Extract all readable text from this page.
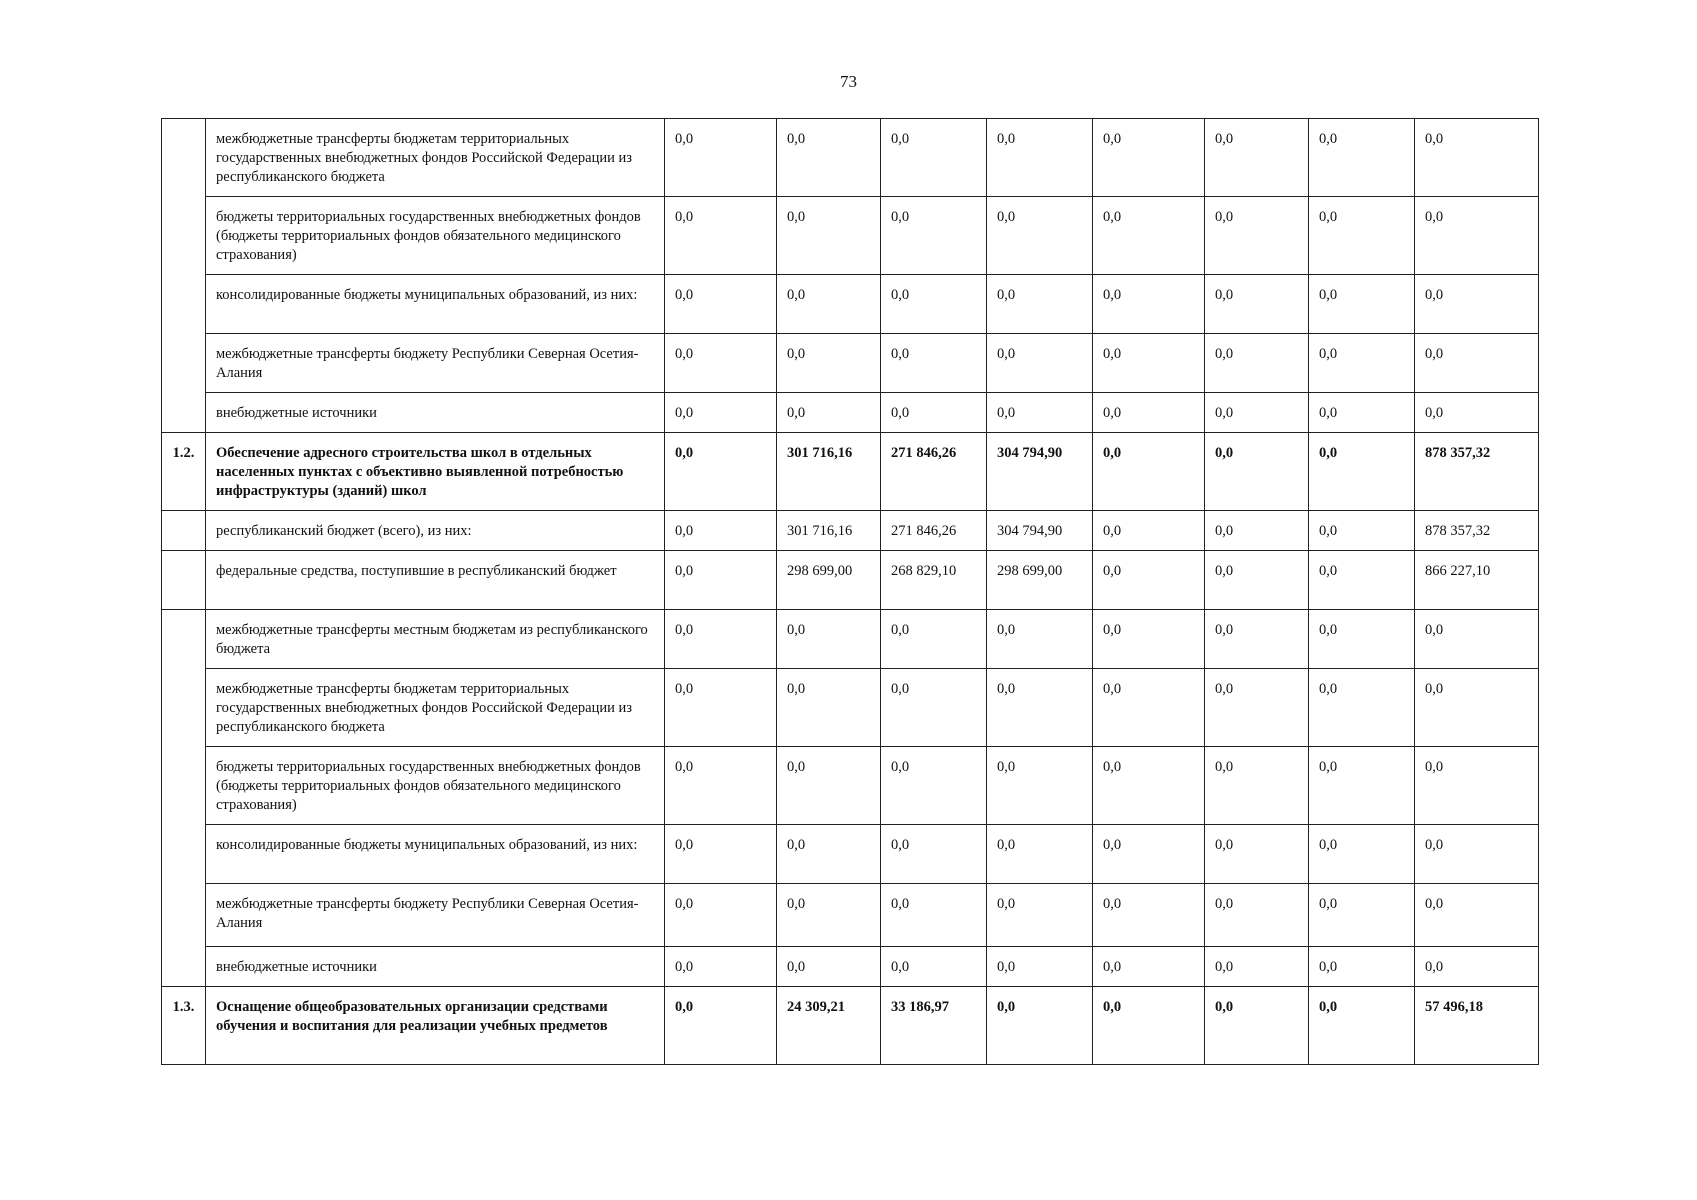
73
	межбюджетные трансферты бюджетам территориальных государственных внебюджетных фондов Российской Федерации из республиканского бюджета	0,0	0,0	0,0	0,0	0,0	0,0	0,0	0,0
	бюджеты территориальных государственных внебюджетных фондов (бюджеты территориальных фондов обязательного медицинского страхования)	0,0	0,0	0,0	0,0	0,0	0,0	0,0	0,0
	консолидированные бюджеты муниципальных образований, из них:	0,0	0,0	0,0	0,0	0,0	0,0	0,0	0,0
	межбюджетные трансферты бюджету Республики Северная Осетия-Алания	0,0	0,0	0,0	0,0	0,0	0,0	0,0	0,0
	внебюджетные источники	0,0	0,0	0,0	0,0	0,0	0,0	0,0	0,0
1.2.	Обеспечение адресного строительства школ в отдельных населенных пунктах с объективно выявленной потребностью инфраструктуры (зданий) школ	0,0	301 716,16	271 846,26	304 794,90	0,0	0,0	0,0	878 357,32
	республиканский бюджет (всего), из них:	0,0	301 716,16	271 846,26	304 794,90	0,0	0,0	0,0	878 357,32
	федеральные средства, поступившие в республиканский бюджет	0,0	298 699,00	268 829,10	298 699,00	0,0	0,0	0,0	866 227,10
	межбюджетные трансферты местным бюджетам из республиканского бюджета	0,0	0,0	0,0	0,0	0,0	0,0	0,0	0,0
	межбюджетные трансферты бюджетам территориальных государственных внебюджетных фондов Российской Федерации из республиканского бюджета	0,0	0,0	0,0	0,0	0,0	0,0	0,0	0,0
	бюджеты территориальных государственных внебюджетных фондов (бюджеты территориальных фондов обязательного медицинского страхования)	0,0	0,0	0,0	0,0	0,0	0,0	0,0	0,0
	консолидированные бюджеты муниципальных образований, из них:	0,0	0,0	0,0	0,0	0,0	0,0	0,0	0,0
	межбюджетные трансферты бюджету Республики Северная Осетия-Алания	0,0	0,0	0,0	0,0	0,0	0,0	0,0	0,0
	внебюджетные источники	0,0	0,0	0,0	0,0	0,0	0,0	0,0	0,0
1.3.	Оснащение общеобразовательных организации средствами обучения и воспитания для реализации учебных предметов	0,0	24 309,21	33 186,97	0,0	0,0	0,0	0,0	57 496,18
